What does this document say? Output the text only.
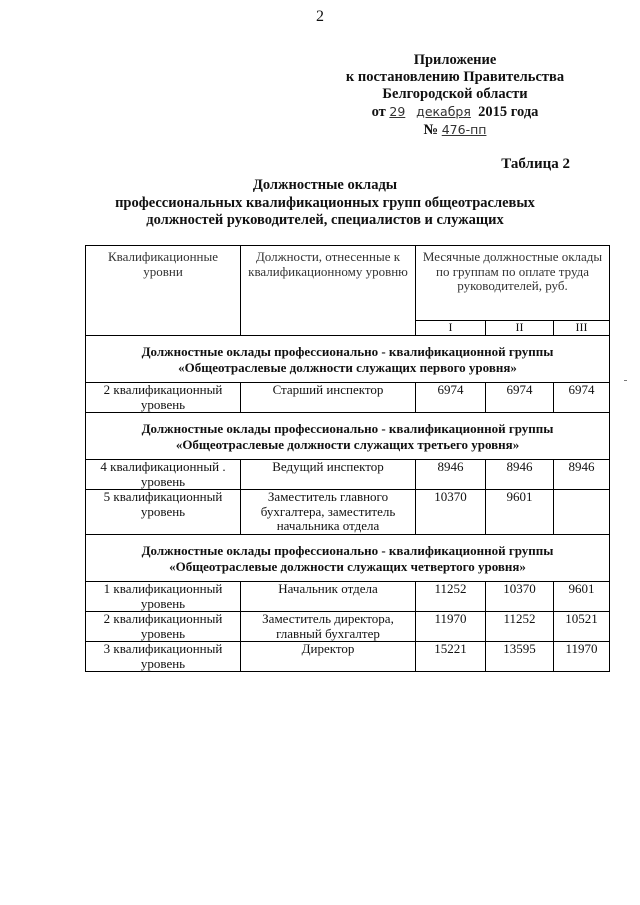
2
Приложение
к постановлению Правительства
Белгородской области
от 29 декабря 2015 года
№ 476-пп
Таблица 2
Должностные оклады
профессиональных квалификационных групп общеотраслевых
должностей руководителей, специалистов и служащих
Квалификационные уровни	Должности, отнесенные к квалификационному уровню	Месячные должностные оклады по группам по оплате труда руководителей, руб.		
		I	II	III

Должностные оклады профессионально - квалификационной группы
«Общеотраслевые должности служащих первого уровня»				

2 квалификационный уровень	Старший инспектор	6974	6974	6974

Должностные оклады профессионально - квалификационной группы
«Общеотраслевые должности служащих третьего уровня»				

4 квалификационный . уровень	Ведущий инспектор	8946	8946	8946
5 квалификационный уровень	Заместитель главного бухгалтера, заместитель начальника отдела	10370	9601	

Должностные оклады профессионально - квалификационной группы
«Общеотраслевые должности служащих четвертого уровня»				

1 квалификационный уровень	Начальник отдела	11252	10370	9601
2 квалификационный уровень	Заместитель директора, главный бухгалтер	11970	11252	10521
3 квалификационный уровень	Директор	15221	13595	11970
